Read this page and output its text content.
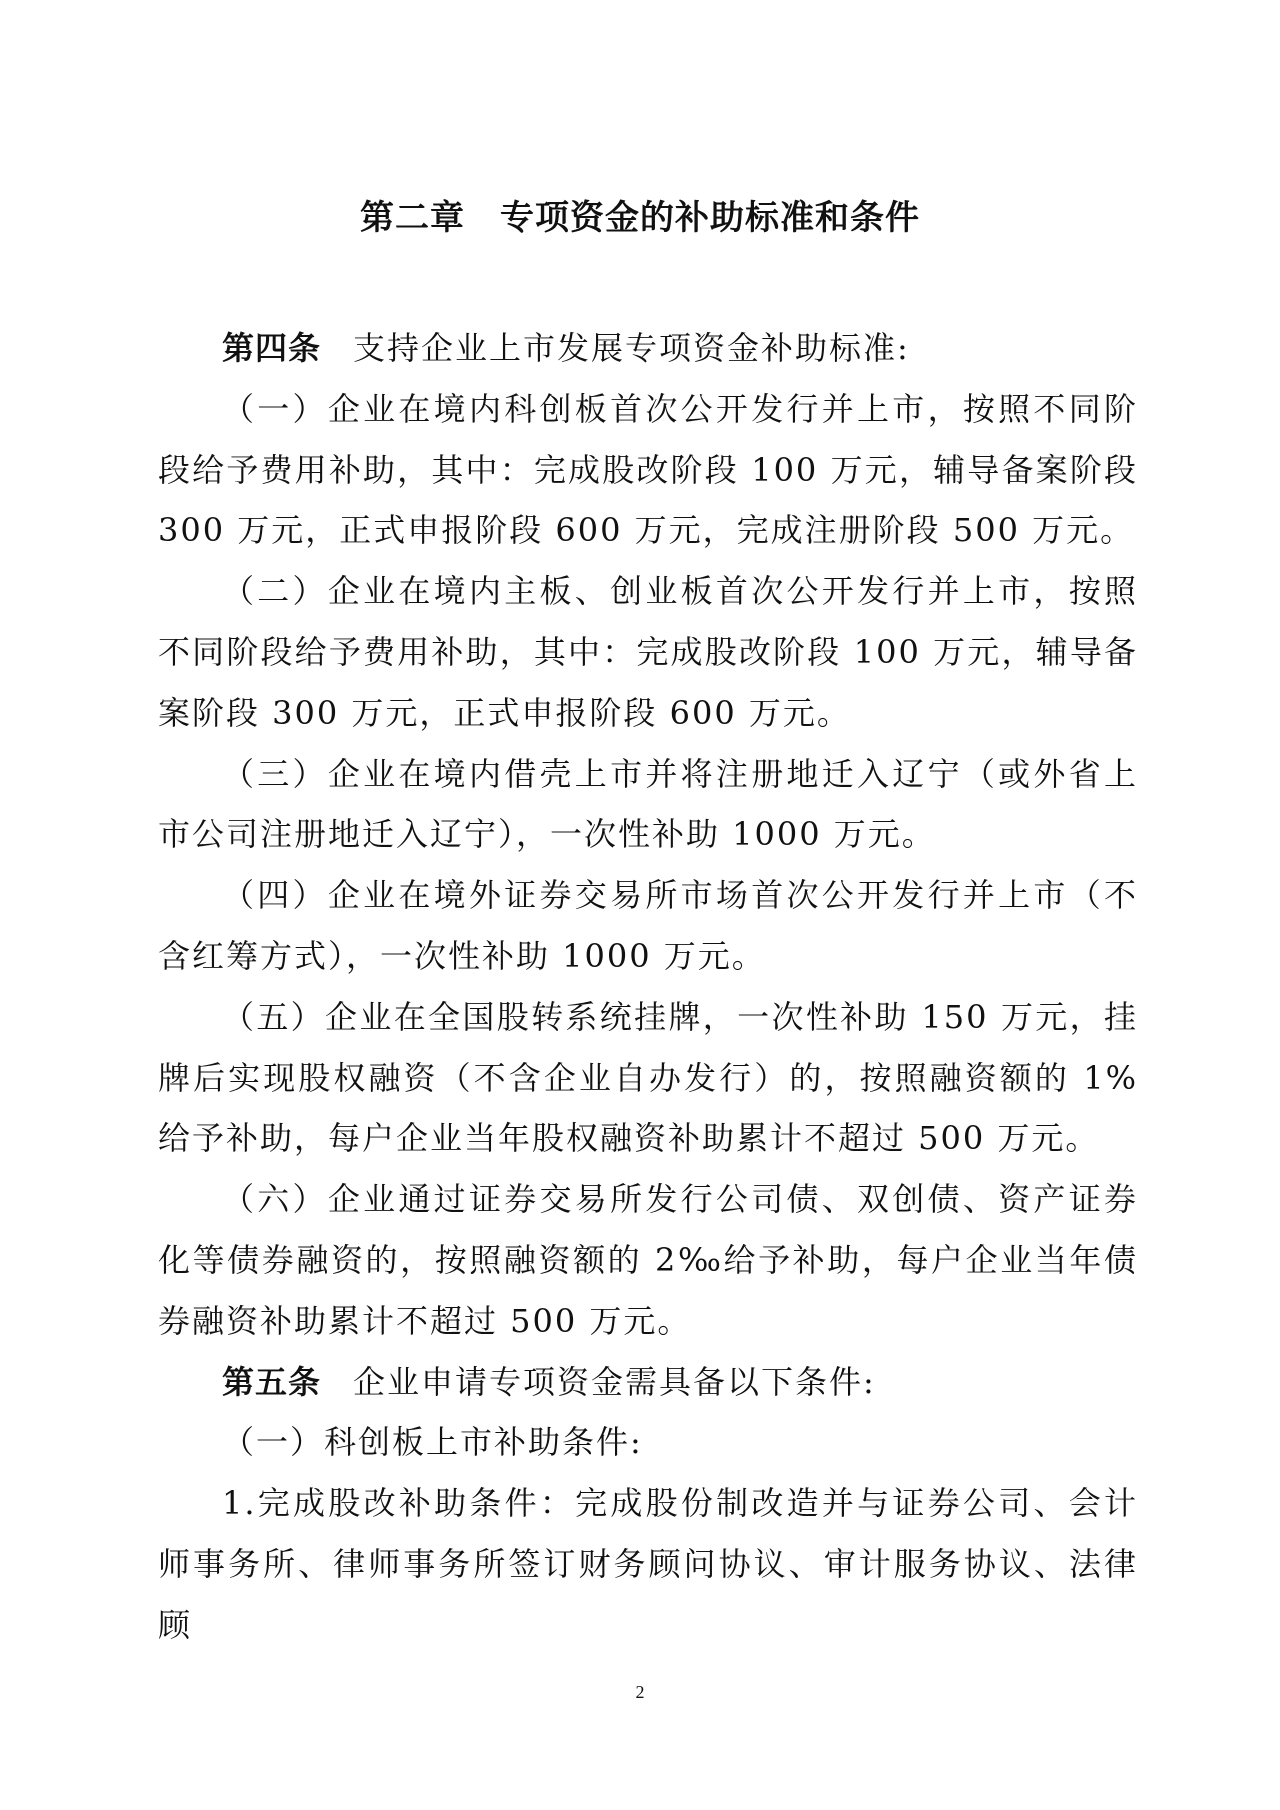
第二章　专项资金的补助标准和条件

第四条 支持企业上市发展专项资金补助标准:

（一）企业在境内科创板首次公开发行并上市，按照不同阶段给予费用补助，其中：完成股改阶段 100 万元，辅导备案阶段 300 万元，正式申报阶段 600 万元，完成注册阶段 500 万元。

（二）企业在境内主板、创业板首次公开发行并上市，按照不同阶段给予费用补助，其中：完成股改阶段 100 万元，辅导备案阶段 300 万元，正式申报阶段 600 万元。

（三）企业在境内借壳上市并将注册地迁入辽宁（或外省上市公司注册地迁入辽宁），一次性补助 1000 万元。

（四）企业在境外证券交易所市场首次公开发行并上市（不含红筹方式），一次性补助 1000 万元。

（五）企业在全国股转系统挂牌，一次性补助 150 万元，挂牌后实现股权融资（不含企业自办发行）的，按照融资额的 1%给予补助，每户企业当年股权融资补助累计不超过 500 万元。

（六）企业通过证券交易所发行公司债、双创债、资产证券化等债券融资的，按照融资额的 2‰给予补助，每户企业当年债券融资补助累计不超过 500 万元。

第五条 企业申请专项资金需具备以下条件:

（一）科创板上市补助条件:

1.完成股改补助条件：完成股份制改造并与证券公司、会计师事务所、律师事务所签订财务顾问协议、审计服务协议、法律顾

2
